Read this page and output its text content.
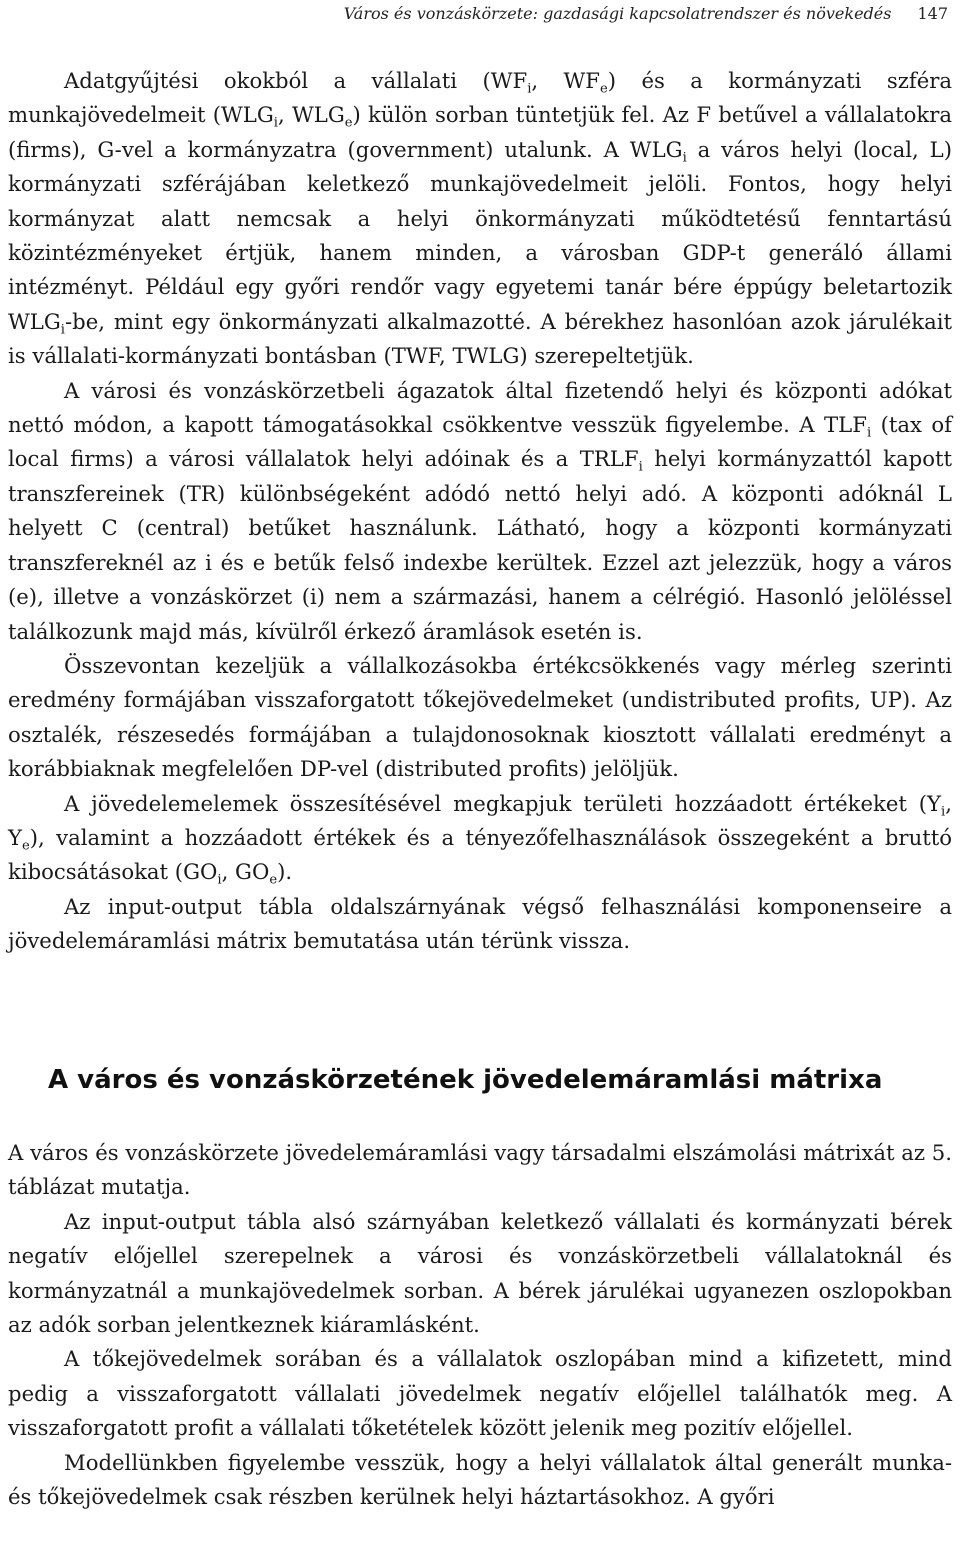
Város és vonzáskörzete: gazdasági kapcsolatrendszer és növekedés 147

Adatgyűjtési okokból a vállalati ($WF_i$, $WF_e$) és a kormányzati szféra munkajövedelmeit ($WLG_i$, $WLG_e$) külön sorban tüntetjük fel. Az F betűvel a vállalatokra (firms), G-vel a kormányzatra (government) utalunk. A $WLG_i$ a város helyi (local, L) kormányzati szférájában keletkező munkajövedelmeit jelöli. Fontos, hogy helyi kormányzat alatt nemcsak a helyi önkormányzati működtetésű fenntartású közintézményeket értjük, hanem minden, a városban GDP-t generáló állami intézményt. Például egy győri rendőr vagy egyetemi tanár bére éppúgy beletartozik $WLG_i-be$, mint egy önkormányzati alkalmazotté. A bérekhez hasonlóan azok járulékait is vállalati-kormányzati bontásban (TWF, TWLG) szerepeltetjük.

A városi és vonzáskörzetbeli ágazatok által fizetendő helyi és központi adókat nettó módon, a kapott támogatásokkal csökkentve vesszük figyelembe. A $TLF_i$ (tax of local firms) a városi vállalatok helyi adóinak és a $TRLF_i$ helyi kormányzattól kapott transzfereinek (TR) különbségeként adódó nettó helyi adó. A központi adóknál L helyett C (central) betűket használunk. Látható, hogy a központi kormányzati transzfereknél az i és e betűk felső indexbe kerültek. Ezzel azt jelezzük, hogy a város (e), illetve a vonzáskörzet (i) nem a származási, hanem a célrégió. Hasonló jelöléssel találkozunk majd más, kívülről érkező áramlások esetén is.

Összevontan kezeljük a vállalkozásokba értékcsökkenés vagy mérleg szerinti eredmény formájában visszaforgatott tőkejövedelmeket (undistributed profits, UP). Az osztalék, részesedés formájában a tulajdonosoknak kiosztott vállalati eredményt a korábbiaknak megfelelően DP-vel (distributed profits) jelöljük.

A jövedelemelemek összesítésével megkapjuk területi hozzáadott értékeket ($Y_i$, $Y_e$), valamint a hozzáadott értékek és a tényezőfelhasználások összegeként a bruttó kibocsátásokat ($GO_i$, $GO_e$).

Az input-output tábla oldalszárnyának végső felhasználási komponenseire a jövedelemáramlási mátrix bemutatása után térünk vissza.

A város és vonzáskörzetének jövedelemáramlási mátrixa

A város és vonzáskörzete jövedelemáramlási vagy társadalmi elszámolási mátrixát az 5. táblázat mutatja.

Az input-output tábla alsó szárnyában keletkező vállalati és kormányzati bérek negatív előjellel szerepelnek a városi és vonzáskörzetbeli vállalatoknál és kormányzatnál a munkajövedelmek sorban. A bérek járulékai ugyanezen oszlopokban az adók sorban jelentkeznek kiáramlásként.

A tőkejövedelmek sorában és a vállalatok oszlopában mind a kifizetett, mind pedig a visszaforgatott vállalati jövedelmek negatív előjellel találhatók meg. A visszaforgatott profit a vállalati tőketételek között jelenik meg pozitív előjellel.

Modellünkben figyelembe vesszük, hogy a helyi vállalatok által generált munka- és tőkejövedelmek csak részben kerülnek helyi háztartásokhoz. A győri
